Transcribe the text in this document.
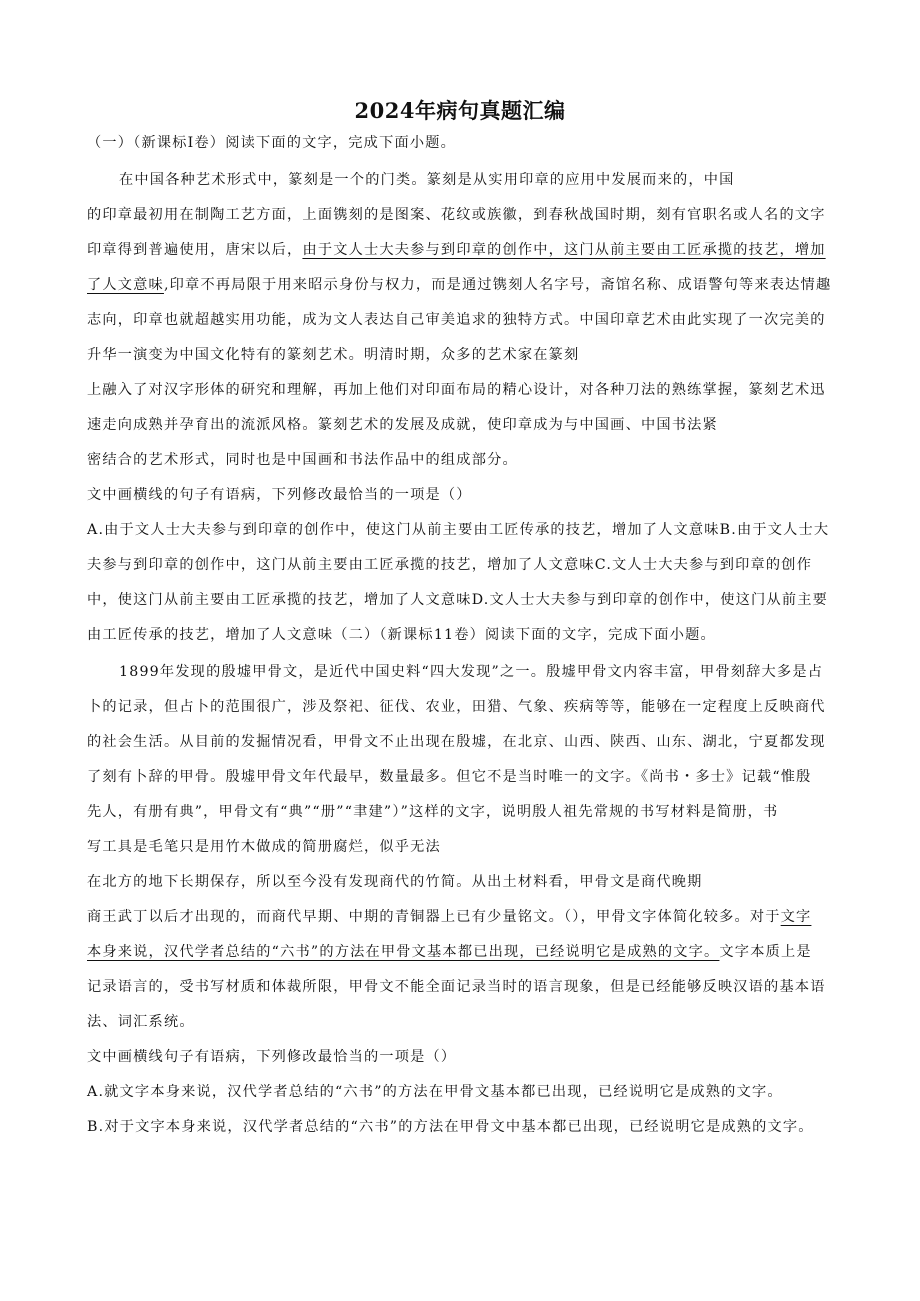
2024年病句真题汇编
（一）（新课标Ⅰ卷）阅读下面的文字，完成下面小题。
在中国各种艺术形式中，篆刻是一个的门类。篆刻是从实用印章的应用中发展而来的，中国
的印章最初用在制陶工艺方面，上面镌刻的是图案、花纹或族徽，到春秋战国时期，刻有官职名或人名的文字
印章得到普遍使用，唐宋以后，由于文人士大夫参与到印章的创作中，这门从前主要由工匠承揽的技艺，增加
了人文意味,印章不再局限于用来昭示身份与权力，而是通过镌刻人名字号，斋馆名称、成语警句等来表达情趣
志向，印章也就超越实用功能，成为文人表达自己审美追求的独特方式。中国印章艺术由此实现了一次完美的
升华一演变为中国文化特有的篆刻艺术。明清时期，众多的艺术家在篆刻
上融入了对汉字形体的研究和理解，再加上他们对印面布局的精心设计，对各种刀法的熟练掌握，篆刻艺术迅
速走向成熟并孕育出的流派风格。篆刻艺术的发展及成就，使印章成为与中国画、中国书法紧
密结合的艺术形式，同时也是中国画和书法作品中的组成部分。
文中画横线的句子有语病，下列修改最恰当的一项是（）
A.由于文人士大夫参与到印章的创作中，使这门从前主要由工匠传承的技艺，增加了人文意味B.由于文人士大
夫参与到印章的创作中，这门从前主要由工匠承揽的技艺，增加了人文意味C.文人士大夫参与到印章的创作
中，使这门从前主要由工匠承揽的技艺，增加了人文意味D.文人士大夫参与到印章的创作中，使这门从前主要
由工匠传承的技艺，增加了人文意味（二）（新课标11卷）阅读下面的文字，完成下面小题。
1899年发现的殷墟甲骨文，是近代中国史料“四大发现”之一。殷墟甲骨文内容丰富，甲骨刻辞大多是占
卜的记录，但占卜的范围很广，涉及祭祀、征伐、农业，田猎、气象、疾病等等，能够在一定程度上反映商代
的社会生活。从目前的发掘情况看，甲骨文不止出现在殷墟，在北京、山西、陕西、山东、湖北，宁夏都发现
了刻有卜辞的甲骨。殷墟甲骨文年代最早，数量最多。但它不是当时唯一的文字。《尚书・多士》记载“惟殷
先人，有册有典”，甲骨文有“典”“册”“聿建”）”这样的文字，说明殷人祖先常规的书写材料是简册，书
写工具是毛笔只是用竹木做成的简册腐烂，似乎无法
在北方的地下长期保存，所以至今没有发现商代的竹简。从出土材料看，甲骨文是商代晚期
商王武丁以后才出现的，而商代早期、中期的青铜器上已有少量铭文。（），甲骨文字体简化较多。对于文字
本身来说，汉代学者总结的“六书”的方法在甲骨文基本都已出现，已经说明它是成熟的文字。文字本质上是
记录语言的，受书写材质和体裁所限，甲骨文不能全面记录当时的语言现象，但是已经能够反映汉语的基本语
法、词汇系统。
文中画横线句子有语病，下列修改最恰当的一项是（）
A.就文字本身来说，汉代学者总结的“六书”的方法在甲骨文基本都已出现，已经说明它是成熟的文字。
B.对于文字本身来说，汉代学者总结的“六书”的方法在甲骨文中基本都已出现，已经说明它是成熟的文字。
